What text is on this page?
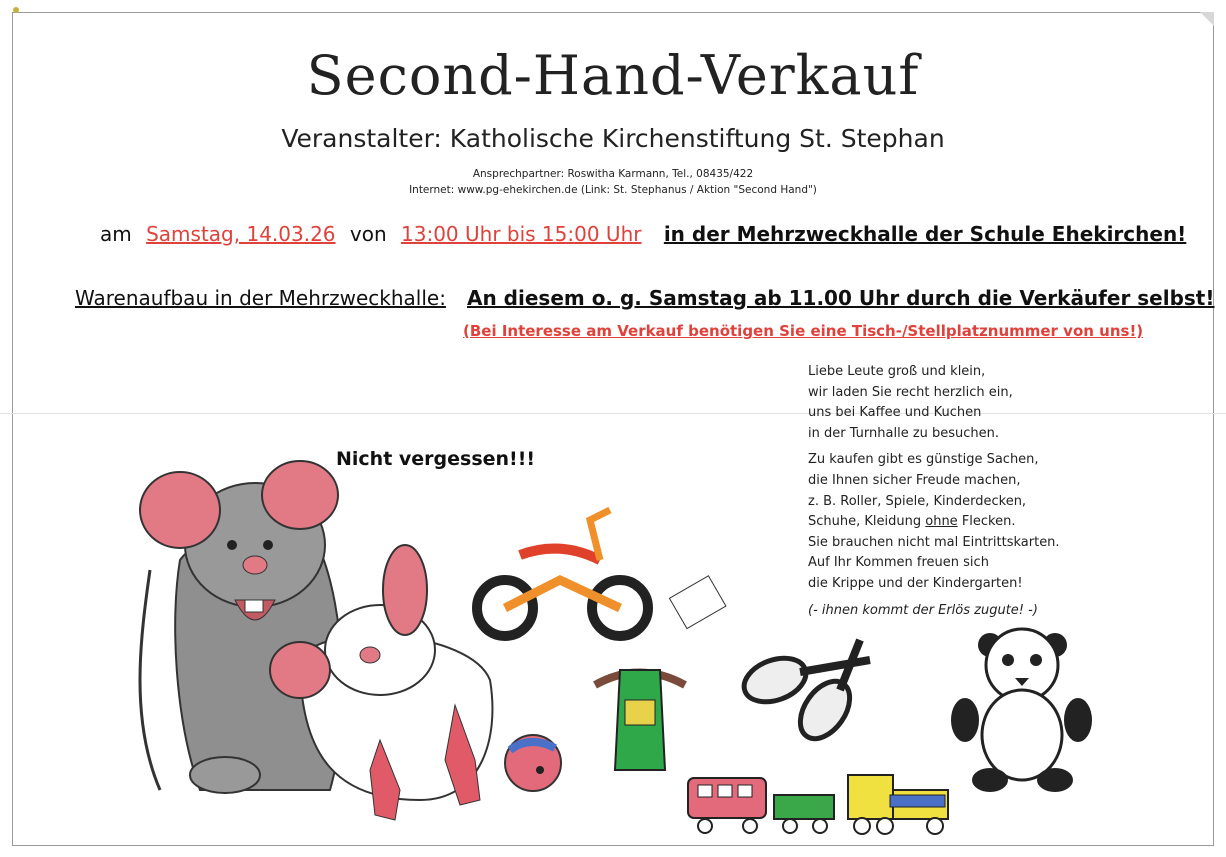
Second-Hand-Verkauf
Veranstalter: Katholische Kirchenstiftung St. Stephan
Ansprechpartner: Roswitha Karmann, Tel., 08435/422
Internet: www.pg-ehekirchen.de (Link: St. Stephanus / Aktion "Second Hand")
am Samstag, 14.03.26 von 13:00 Uhr bis 15:00 Uhr in der Mehrzweckhalle der Schule Ehekirchen!
Warenaufbau in der Mehrzweckhalle: An diesem o. g. Samstag ab 11.00 Uhr durch die Verkäufer selbst!
(Bei Interesse am Verkauf benötigen Sie eine Tisch-/Stellplatznummer von uns!)
Nicht vergessen!!!
Liebe Leute groß und klein,
wir laden Sie recht herzlich ein,
uns bei Kaffee und Kuchen
in der Turnhalle zu besuchen.
Zu kaufen gibt es günstige Sachen,
die Ihnen sicher Freude machen,
z. B. Roller, Spiele, Kinderdecken,
Schuhe, Kleidung ohne Flecken.
Sie brauchen nicht mal Eintrittskarten.
Auf Ihr Kommen freuen sich
die Krippe und der Kindergarten!
(- ihnen kommt der Erlös zugute! -)
